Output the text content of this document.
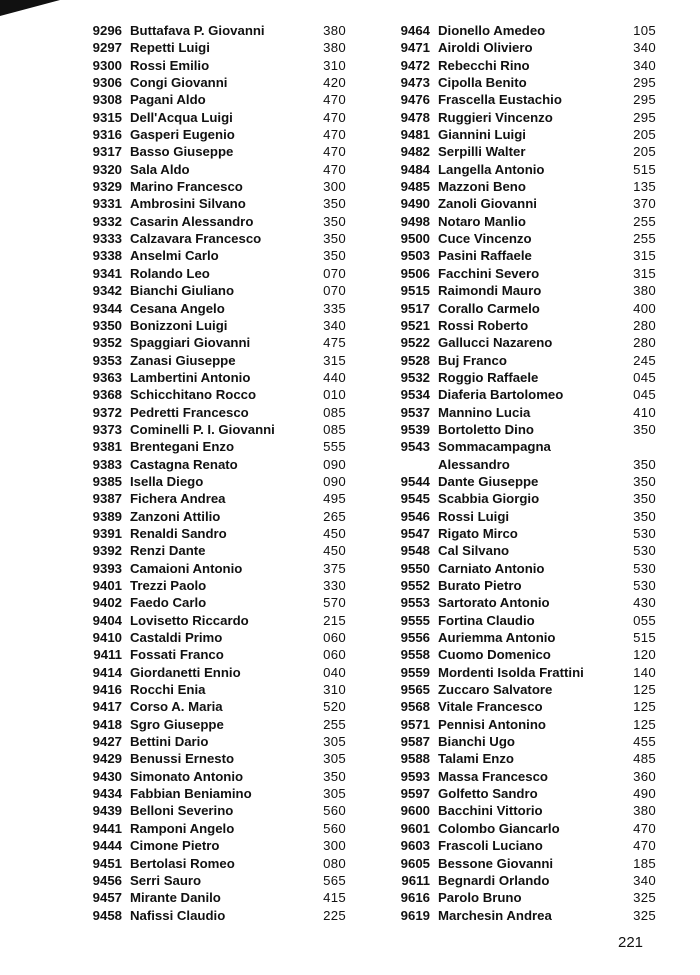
9296 Buttafava P. Giovanni	380
9297 Repetti Luigi	380
9300 Rossi Emilio	310
9306 Congi Giovanni	420
9308 Pagani Aldo	470
9315 Dell'Acqua Luigi	470
9316 Gasperi Eugenio	470
9317 Basso Giuseppe	470
9320 Sala Aldo	470
9329 Marino Francesco	300
9331 Ambrosini Silvano	350
9332 Casarin Alessandro	350
9333 Calzavara Francesco	350
9338 Anselmi Carlo	350
9341 Rolando Leo	070
9342 Bianchi Giuliano	070
9344 Cesana Angelo	335
9350 Bonizzoni Luigi	340
9352 Spaggiari Giovanni	475
9353 Zanasi Giuseppe	315
9363 Lambertini Antonio	440
9368 Schicchitano Rocco	010
9372 Pedretti Francesco	085
9373 Cominelli P. I. Giovanni	085
9381 Brentegani Enzo	555
9383 Castagna Renato	090
9385 Isella Diego	090
9387 Fichera Andrea	495
9389 Zanzoni Attilio	265
9391 Renaldi Sandro	450
9392 Renzi Dante	450
9393 Camaioni Antonio	375
9401 Trezzi Paolo	330
9402 Faedo Carlo	570
9404 Lovisetto Riccardo	215
9410 Castaldi Primo	060
9411 Fossati Franco	060
9414 Giordanetti Ennio	040
9416 Rocchi Enia	310
9417 Corso A. Maria	520
9418 Sgro Giuseppe	255
9427 Bettini Dario	305
9429 Benussi Ernesto	305
9430 Simonato Antonio	350
9434 Fabbian Beniamino	305
9439 Belloni Severino	560
9441 Ramponi Angelo	560
9444 Cimone Pietro	300
9451 Bertolasi Romeo	080
9456 Serri Sauro	565
9457 Mirante Danilo	415
9458 Nafissi Claudio	225
9464 Dionello Amedeo	105
9471 Airoldi Oliviero	340
9472 Rebecchi Rino	340
9473 Cipolla Benito	295
9476 Frascella Eustachio	295
9478 Ruggieri Vincenzo	295
9481 Giannini Luigi	205
9482 Serpilli Walter	205
9484 Langella Antonio	515
9485 Mazzoni Beno	135
9490 Zanoli Giovanni	370
9498 Notaro Manlio	255
9500 Cuce Vincenzo	255
9503 Pasini Raffaele	315
9506 Facchini Severo	315
9515 Raimondi Mauro	380
9517 Corallo Carmelo	400
9521 Rossi Roberto	280
9522 Gallucci Nazareno	280
9528 Buj Franco	245
9532 Roggio Raffaele	045
9534 Diaferia Bartolomeo	045
9537 Mannino Lucia	410
9539 Bortoletto Dino	350
9543 Sommacampagna
Alessandro	350
9544 Dante Giuseppe	350
9545 Scabbia Giorgio	350
9546 Rossi Luigi	350
9547 Rigato Mirco	530
9548 Cal Silvano	530
9550 Carniato Antonio	530
9552 Burato Pietro	530
9553 Sartorato Antonio	430
9555 Fortina Claudio	055
9556 Auriemma Antonio	515
9558 Cuomo Domenico	120
9559 Mordenti Isolda Frattini	140
9565 Zuccaro Salvatore	125
9568 Vitale Francesco	125
9571 Pennisi Antonino	125
9587 Bianchi Ugo	455
9588 Talami Enzo	485
9593 Massa Francesco	360
9597 Golfetto Sandro	490
9600 Bacchini Vittorio	380
9601 Colombo Giancarlo	470
9603 Frascoli Luciano	470
9605 Bessone Giovanni	185
9611 Begnardi Orlando	340
9616 Parolo Bruno	325
9619 Marchesin Andrea	325
221
